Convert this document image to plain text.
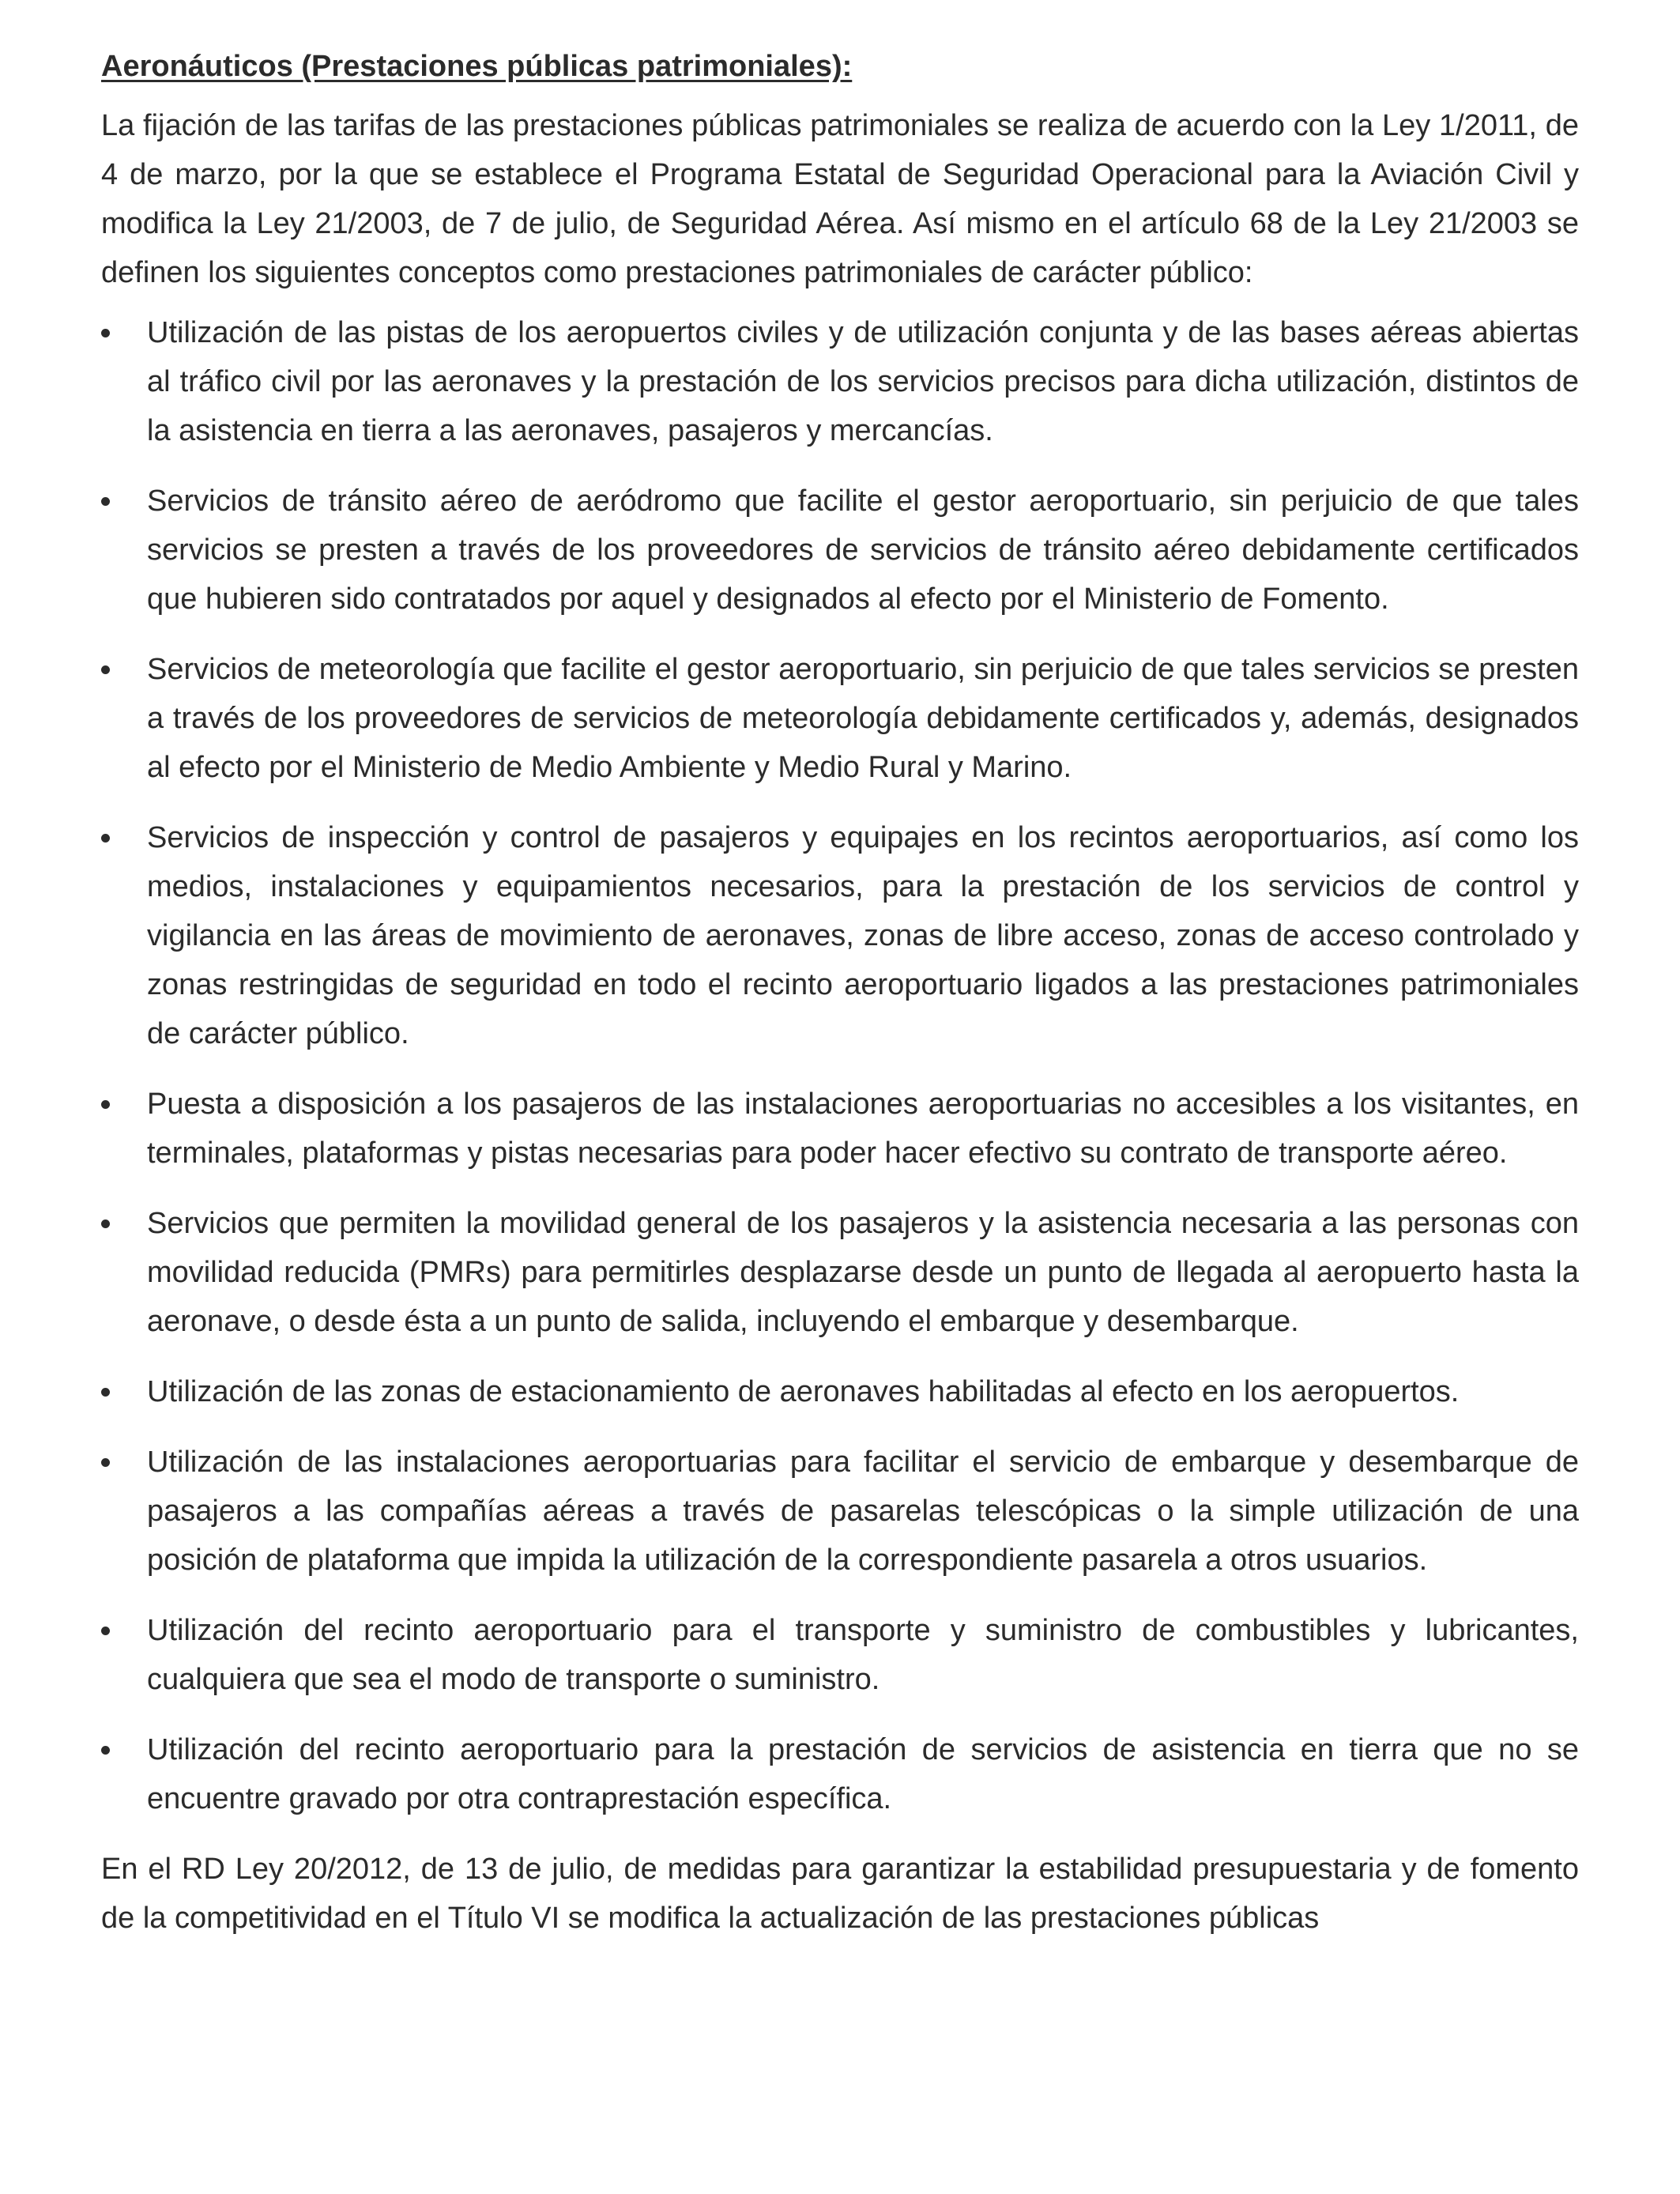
Aeronáuticos (Prestaciones públicas patrimoniales):

La fijación de las tarifas de las prestaciones públicas patrimoniales se realiza de acuerdo con la Ley 1/2011, de 4 de marzo, por la que se establece el Programa Estatal de Seguridad Operacional para la Aviación Civil y modifica la Ley 21/2003, de 7 de julio, de Seguridad Aérea. Así mismo en el artículo 68 de la Ley 21/2003 se definen los siguientes conceptos como prestaciones patrimoniales de carácter público:

Utilización de las pistas de los aeropuertos civiles y de utilización conjunta y de las bases aéreas abiertas al tráfico civil por las aeronaves y la prestación de los servicios precisos para dicha utilización, distintos de la asistencia en tierra a las aeronaves, pasajeros y mercancías.
Servicios de tránsito aéreo de aeródromo que facilite el gestor aeroportuario, sin perjuicio de que tales servicios se presten a través de los proveedores de servicios de tránsito aéreo debidamente certificados que hubieren sido contratados por aquel y designados al efecto por el Ministerio de Fomento.
Servicios de meteorología que facilite el gestor aeroportuario, sin perjuicio de que tales servicios se presten a través de los proveedores de servicios de meteorología debidamente certificados y, además, designados al efecto por el Ministerio de Medio Ambiente y Medio Rural y Marino.
Servicios de inspección y control de pasajeros y equipajes en los recintos aeroportuarios, así como los medios, instalaciones y equipamientos necesarios, para la prestación de los servicios de control y vigilancia en las áreas de movimiento de aeronaves, zonas de libre acceso, zonas de acceso controlado y zonas restringidas de seguridad en todo el recinto aeroportuario ligados a las prestaciones patrimoniales de carácter público.
Puesta a disposición a los pasajeros de las instalaciones aeroportuarias no accesibles a los visitantes, en terminales, plataformas y pistas necesarias para poder hacer efectivo su contrato de transporte aéreo.
Servicios que permiten la movilidad general de los pasajeros y la asistencia necesaria a las personas con movilidad reducida (PMRs) para permitirles desplazarse desde un punto de llegada al aeropuerto hasta la aeronave, o desde ésta a un punto de salida, incluyendo el embarque y desembarque.
Utilización de las zonas de estacionamiento de aeronaves habilitadas al efecto en los aeropuertos.
Utilización de las instalaciones aeroportuarias para facilitar el servicio de embarque y desembarque de pasajeros a las compañías aéreas a través de pasarelas telescópicas o la simple utilización de una posición de plataforma que impida la utilización de la correspondiente pasarela a otros usuarios.
Utilización del recinto aeroportuario para el transporte y suministro de combustibles y lubricantes, cualquiera que sea el modo de transporte o suministro.
Utilización del recinto aeroportuario para la prestación de servicios de asistencia en tierra que no se encuentre gravado por otra contraprestación específica.

En el RD Ley 20/2012, de 13 de julio, de medidas para garantizar la estabilidad presupuestaria y de fomento de la competitividad en el Título VI se modifica la actualización de las prestaciones públicas
